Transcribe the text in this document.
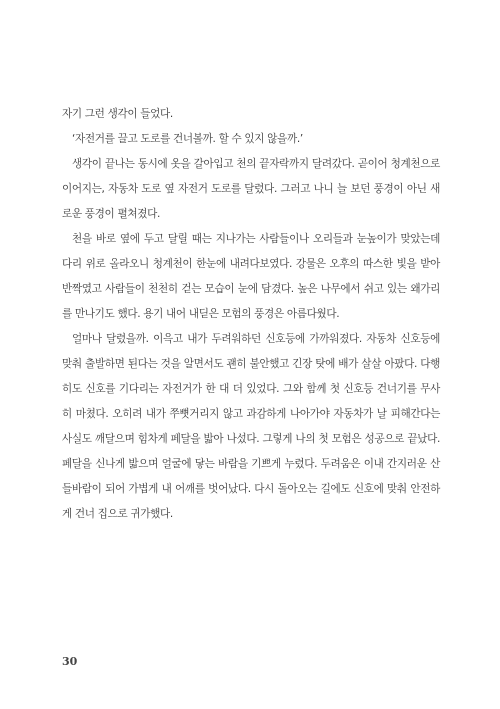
자기 그런 생각이 들었다.

‘자전거를 끌고 도로를 건너볼까. 할 수 있지 않을까.’

생각이 끝나는 동시에 옷을 갈아입고 천의 끝자락까지 달려갔다. 곧이어 청계천으로 이어지는, 자동차 도로 옆 자전거 도로를 달렸다. 그러고 나니 늘 보던 풍경이 아닌 새로운 풍경이 펼쳐졌다.

천을 바로 옆에 두고 달릴 때는 지나가는 사람들이나 오리들과 눈높이가 맞았는데 다리 위로 올라오니 청계천이 한눈에 내려다보였다. 강물은 오후의 따스한 빛을 받아 반짝였고 사람들이 천천히 걷는 모습이 눈에 담겼다. 높은 나무에서 쉬고 있는 왜가리를 만나기도 했다. 용기 내어 내딛은 모험의 풍경은 아름다웠다.

얼마나 달렸을까. 이윽고 내가 두려워하던 신호등에 가까워졌다. 자동차 신호등에 맞춰 출발하면 된다는 것을 알면서도 괜히 불안했고 긴장 탓에 배가 살살 아팠다. 다행히도 신호를 기다리는 자전거가 한 대 더 있었다. 그와 함께 첫 신호등 건너기를 무사히 마쳤다. 오히려 내가 쭈뼛거리지 않고 과감하게 나아가야 자동차가 날 피해간다는 사실도 깨달으며 힘차게 페달을 밟아 나섰다. 그렇게 나의 첫 모험은 성공으로 끝났다. 페달을 신나게 밟으며 얼굴에 닿는 바람을 기쁘게 누렸다. 두려움은 이내 간지러운 산들바람이 되어 가볍게 내 어깨를 벗어났다. 다시 돌아오는 길에도 신호에 맞춰 안전하게 건너 집으로 귀가했다.

30
